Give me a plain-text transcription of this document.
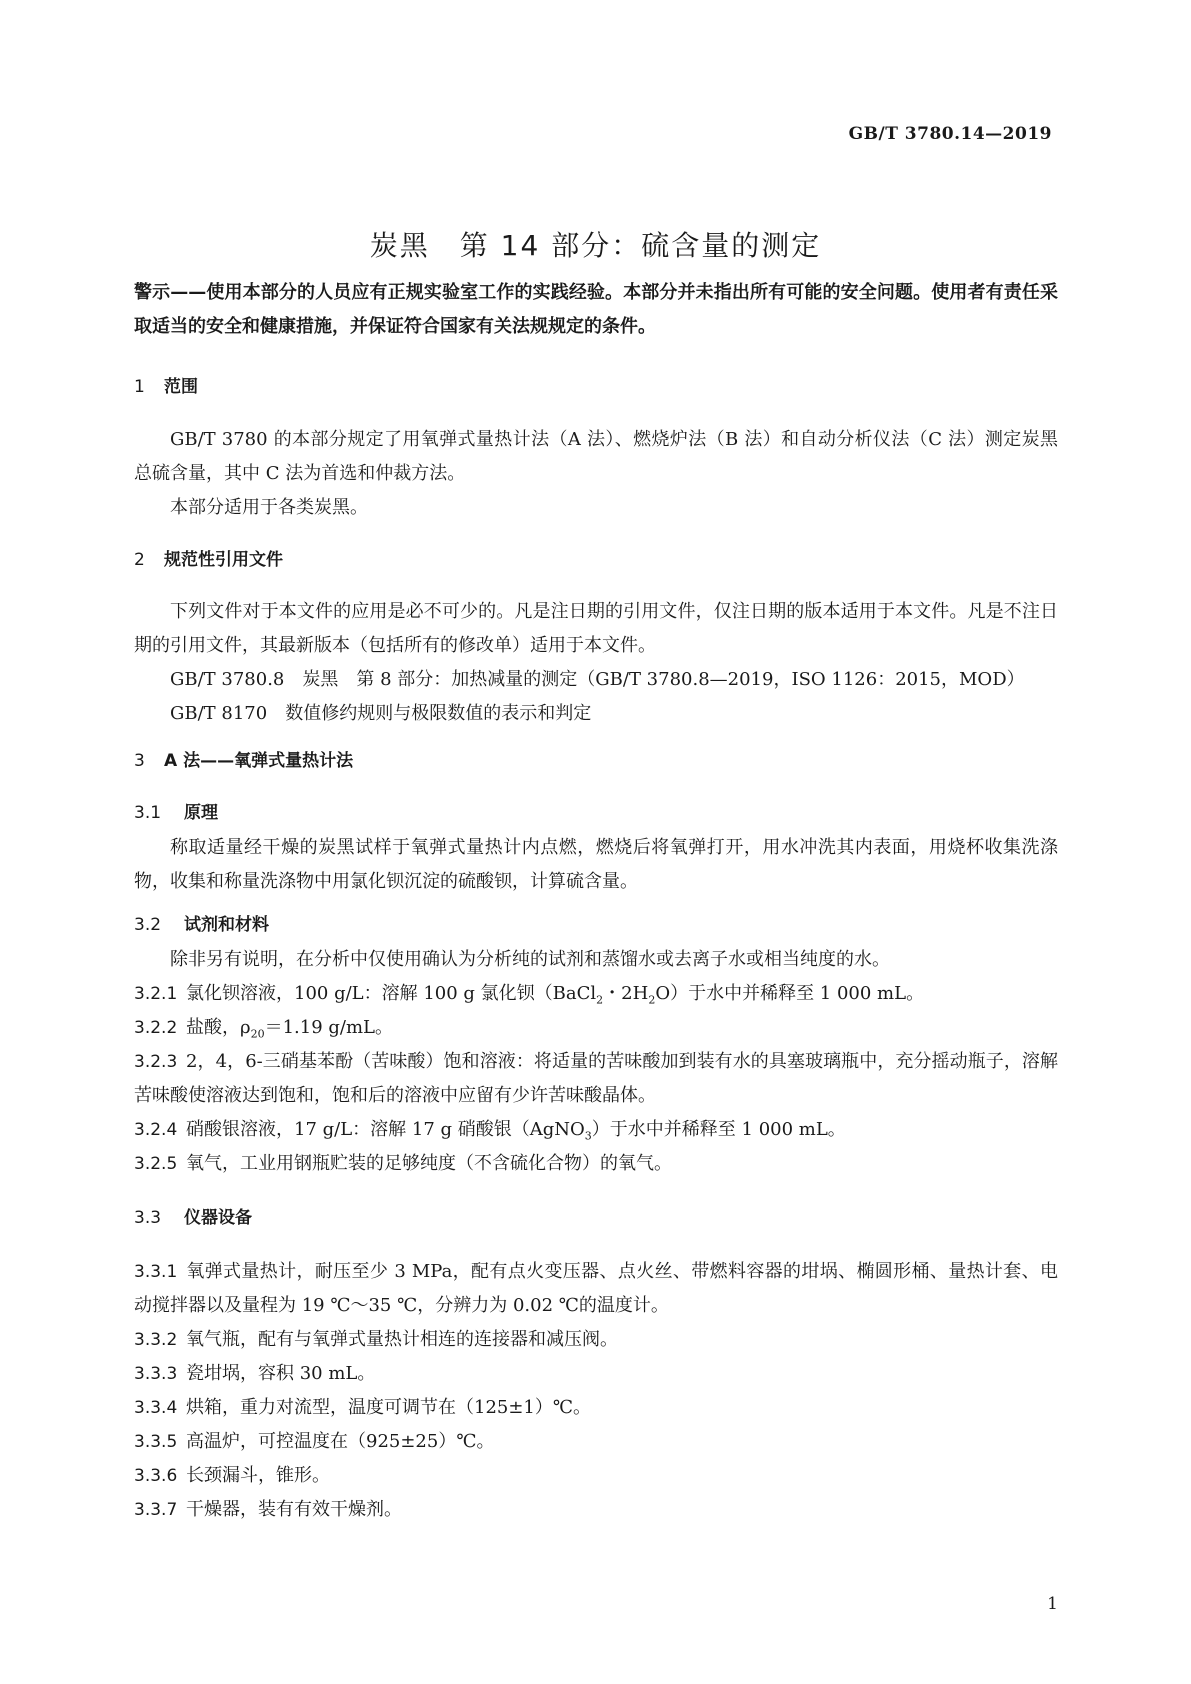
GB/T 3780.14—2019
炭黑　第 14 部分：硫含量的测定
警示——使用本部分的人员应有正规实验室工作的实践经验。本部分并未指出所有可能的安全问题。使用者有责任采取适当的安全和健康措施，并保证符合国家有关法规规定的条件。
1 范围
GB/T 3780 的本部分规定了用氧弹式量热计法（A 法）、燃烧炉法（B 法）和自动分析仪法（C 法）测定炭黑总硫含量，其中 C 法为首选和仲裁方法。
本部分适用于各类炭黑。
2 规范性引用文件
下列文件对于本文件的应用是必不可少的。凡是注日期的引用文件，仅注日期的版本适用于本文件。凡是不注日期的引用文件，其最新版本（包括所有的修改单）适用于本文件。
GB/T 3780.8　炭黑　第 8 部分：加热减量的测定（GB/T 3780.8—2019，ISO 1126：2015，MOD）
GB/T 8170　数值修约规则与极限数值的表示和判定
3 A 法——氧弹式量热计法
3.1 原理
称取适量经干燥的炭黑试样于氧弹式量热计内点燃，燃烧后将氧弹打开，用水冲洗其内表面，用烧杯收集洗涤物，收集和称量洗涤物中用氯化钡沉淀的硫酸钡，计算硫含量。
3.2 试剂和材料
除非另有说明，在分析中仅使用确认为分析纯的试剂和蒸馏水或去离子水或相当纯度的水。
3.2.1 氯化钡溶液，100 g/L：溶解 100 g 氯化钡（BaCl$_2$・$2H_2O$）于水中并稀释至 1 000 mL。
3.2.2 盐酸，$\rho_{20}=1.19$ g/mL。
3.2.3 2，4，6-三硝基苯酚（苦味酸）饱和溶液：将适量的苦味酸加到装有水的具塞玻璃瓶中，充分摇动瓶子，溶解苦味酸使溶液达到饱和，饱和后的溶液中应留有少许苦味酸晶体。
3.2.4 硝酸银溶液，17 g/L：溶解 17 g 硝酸银（AgNO$_3$）于水中并稀释至 1 000 mL。
3.2.5 氧气，工业用钢瓶贮装的足够纯度（不含硫化合物）的氧气。
3.3 仪器设备
3.3.1 氧弹式量热计，耐压至少 3 MPa，配有点火变压器、点火丝、带燃料容器的坩埚、椭圆形桶、量热计套、电动搅拌器以及量程为 19 ℃～35 ℃，分辨力为 0.02 ℃的温度计。
3.3.2 氧气瓶，配有与氧弹式量热计相连的连接器和减压阀。
3.3.3 瓷坩埚，容积 30 mL。
3.3.4 烘箱，重力对流型，温度可调节在（125±1）℃。
3.3.5 高温炉，可控温度在（925±25）℃。
3.3.6 长颈漏斗，锥形。
3.3.7 干燥器，装有有效干燥剂。
1
